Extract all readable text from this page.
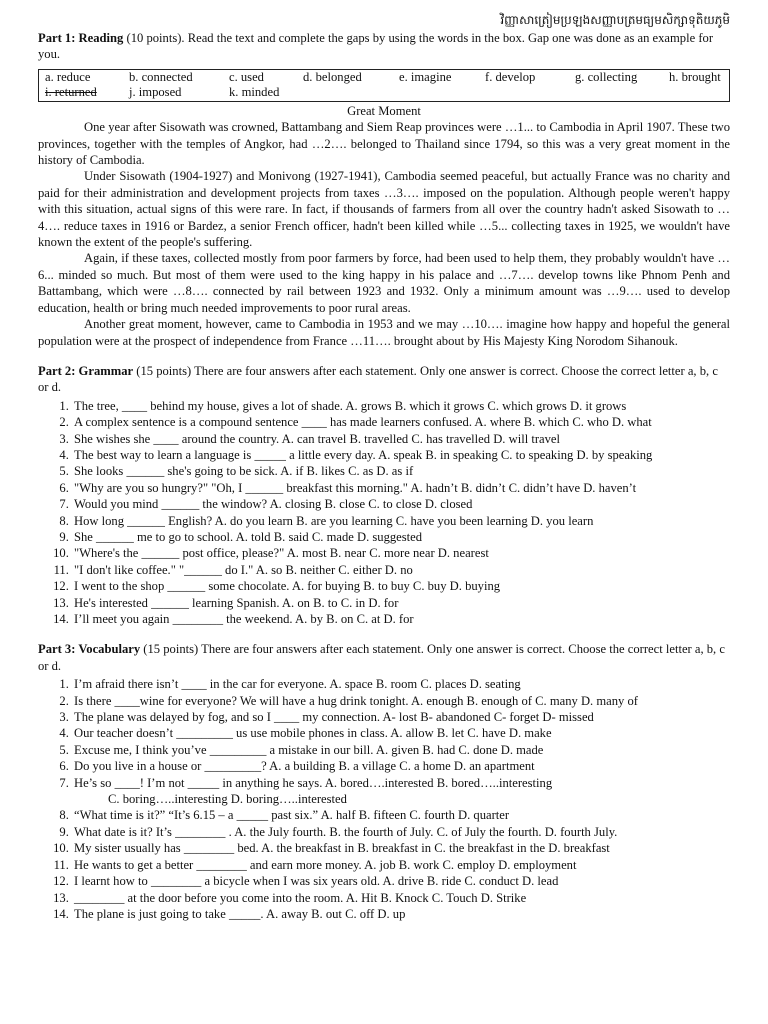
វិញ្ញាសាត្រៀមប្រឡងសញ្ញាបត្រមធ្យមសិក្សាទុតិយភូមិ

Part 1: Reading (10 points). Read the text and complete the gaps by using the words in the box. Gap one was done as an example for you.

a. reduce	b. connected	c. used	d. belonged	e. imagine	f. develop	g. collecting	h. brought
i. returned	j. imposed	k. minded
Great Moment

One year after Sisowath was crowned, Battambang and Siem Reap provinces were …1... to Cambodia in April 1907. These two provinces, together with the temples of Angkor, had …2…. belonged to Thailand since 1794, so this was a very great moment in the history of Cambodia.

Under Sisowath (1904-1927) and Monivong (1927-1941), Cambodia seemed peaceful, but actually France was no charity and paid for their administration and development projects from taxes …3…. imposed on the population. Although people weren't happy with this situation, actual signs of this were rare. In fact, if thousands of farmers from all over the country hadn't asked Sisowath to …4…. reduce taxes in 1916 or Bardez, a senior French officer, hadn't been killed while …5... collecting taxes in 1925, we wouldn't have known the extent of the people's suffering.

Again, if these taxes, collected mostly from poor farmers by force, had been used to help them, they probably wouldn't have …6... minded so much. But most of them were used to the king happy in his palace and …7…. develop towns like Phnom Penh and Battambang, which were …8…. connected by rail between 1923 and 1932. Only a minimum amount was …9…. used to develop education, health or bring much needed improvements to poor rural areas.

Another great moment, however, came to Cambodia in 1953 and we may …10…. imagine how happy and hopeful the general population were at the prospect of independence from France …11…. brought about by His Majesty King Norodom Sihanouk.

Part 2: Grammar (15 points) There are four answers after each statement. Only one answer is correct. Choose the correct letter a, b, c or d.

1. The tree, ____ behind my house, gives a lot of shade. A. grows B. which it grows C. which grows D. it grows
2. A complex sentence is a compound sentence ____ has made learners confused. A. where B. which C. who D. what
3. She wishes she ____ around the country. A. can travel B. travelled C. has travelled D. will travel
4. The best way to learn a language is _____ a little every day. A. speak B. in speaking C. to speaking D. by speaking
5. She looks ______ she's going to be sick. A. if B. likes C. as D. as if
6. "Why are you so hungry?" "Oh, I ______ breakfast this morning." A. hadn’t B. didn’t C. didn’t have D. haven’t
7. Would you mind ______ the window? A. closing B. close C. to close D. closed
8. How long ______ English? A. do you learn B. are you learning C. have you been learning D. you learn
9. She ______ me to go to school. A. told B. said C. made D. suggested
10. "Where's the ______ post office, please?" A. most B. near C. more near D. nearest
11. "I don't like coffee." "______ do I." A. so B. neither C. either D. no
12. I went to the shop ______ some chocolate. A. for buying B. to buy C. buy D. buying
13. He's interested ______ learning Spanish. A. on B. to C. in D. for
14. I’ll meet you again ________ the weekend. A. by B. on C. at D. for

Part 3: Vocabulary (15 points) There are four answers after each statement. Only one answer is correct. Choose the correct letter a, b, c or d.

1. I’m afraid there isn’t ____ in the car for everyone. A. space B. room C. places D. seating
2. Is there ____wine for everyone? We will have a hug drink tonight. A. enough B. enough of C. many D. many of
3. The plane was delayed by fog, and so I ____ my connection. A- lost B- abandoned C- forget D- missed
4. Our teacher doesn’t _________ us use mobile phones in class. A. allow B. let C. have D. make
5. Excuse me, I think you’ve _________ a mistake in our bill. A. given B. had C. done D. made
6. Do you live in a house or _________? A. a building B. a village C. a home D. an apartment
7. He’s so ____! I’m not _____ in anything he says. A. bored….interested B. bored…..interesting
C. boring…..interesting D. boring…..interested
8. “What time is it?” “It’s 6.15 – a _____ past six.” A. half B. fifteen C. fourth D. quarter
9. What date is it? It’s ________ . A. the July fourth. B. the fourth of July. C. of July the fourth. D. fourth July.
10. My sister usually has ________ bed. A. the breakfast in B. breakfast in C. the breakfast in the D. breakfast
11. He wants to get a better ________ and earn more money. A. job B. work C. employ D. employment
12. I learnt how to ________ a bicycle when I was six years old. A. drive B. ride C. conduct D. lead
13. ________ at the door before you come into the room. A. Hit B. Knock C. Touch D. Strike
14. The plane is just going to take _____. A. away B. out C. off D. up
